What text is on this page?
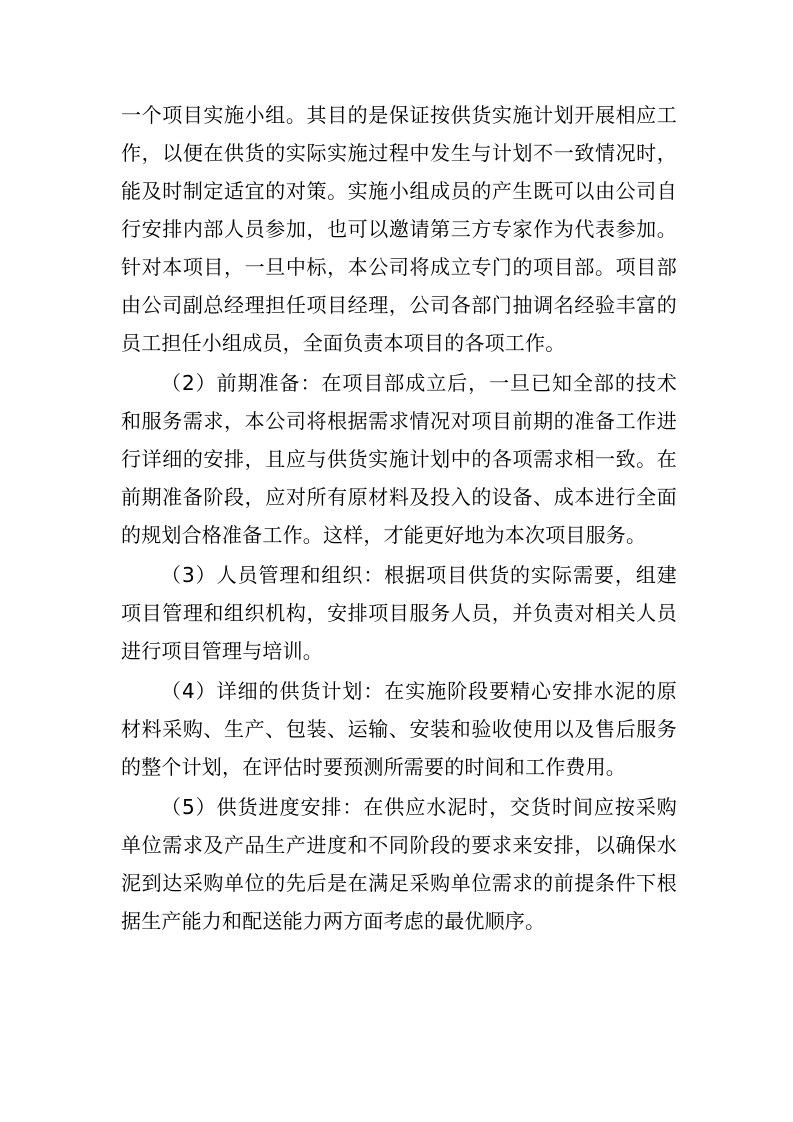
一个项目实施小组。其目的是保证按供货实施计划开展相应工作，以便在供货的实际实施过程中发生与计划不一致情况时，能及时制定适宜的对策。实施小组成员的产生既可以由公司自行安排内部人员参加，也可以邀请第三方专家作为代表参加。针对本项目，一旦中标，本公司将成立专门的项目部。项目部由公司副总经理担任项目经理，公司各部门抽调名经验丰富的员工担任小组成员，全面负责本项目的各项工作。

（2）前期准备：在项目部成立后，一旦已知全部的技术和服务需求，本公司将根据需求情况对项目前期的准备工作进行详细的安排，且应与供货实施计划中的各项需求相一致。在前期准备阶段，应对所有原材料及投入的设备、成本进行全面的规划合格准备工作。这样，才能更好地为本次项目服务。

（3）人员管理和组织：根据项目供货的实际需要，组建项目管理和组织机构，安排项目服务人员，并负责对相关人员进行项目管理与培训。

（4）详细的供货计划：在实施阶段要精心安排水泥的原材料采购、生产、包装、运输、安装和验收使用以及售后服务的整个计划，在评估时要预测所需要的时间和工作费用。

（5）供货进度安排：在供应水泥时，交货时间应按采购单位需求及产品生产进度和不同阶段的要求来安排，以确保水泥到达采购单位的先后是在满足采购单位需求的前提条件下根据生产能力和配送能力两方面考虑的最优顺序。
